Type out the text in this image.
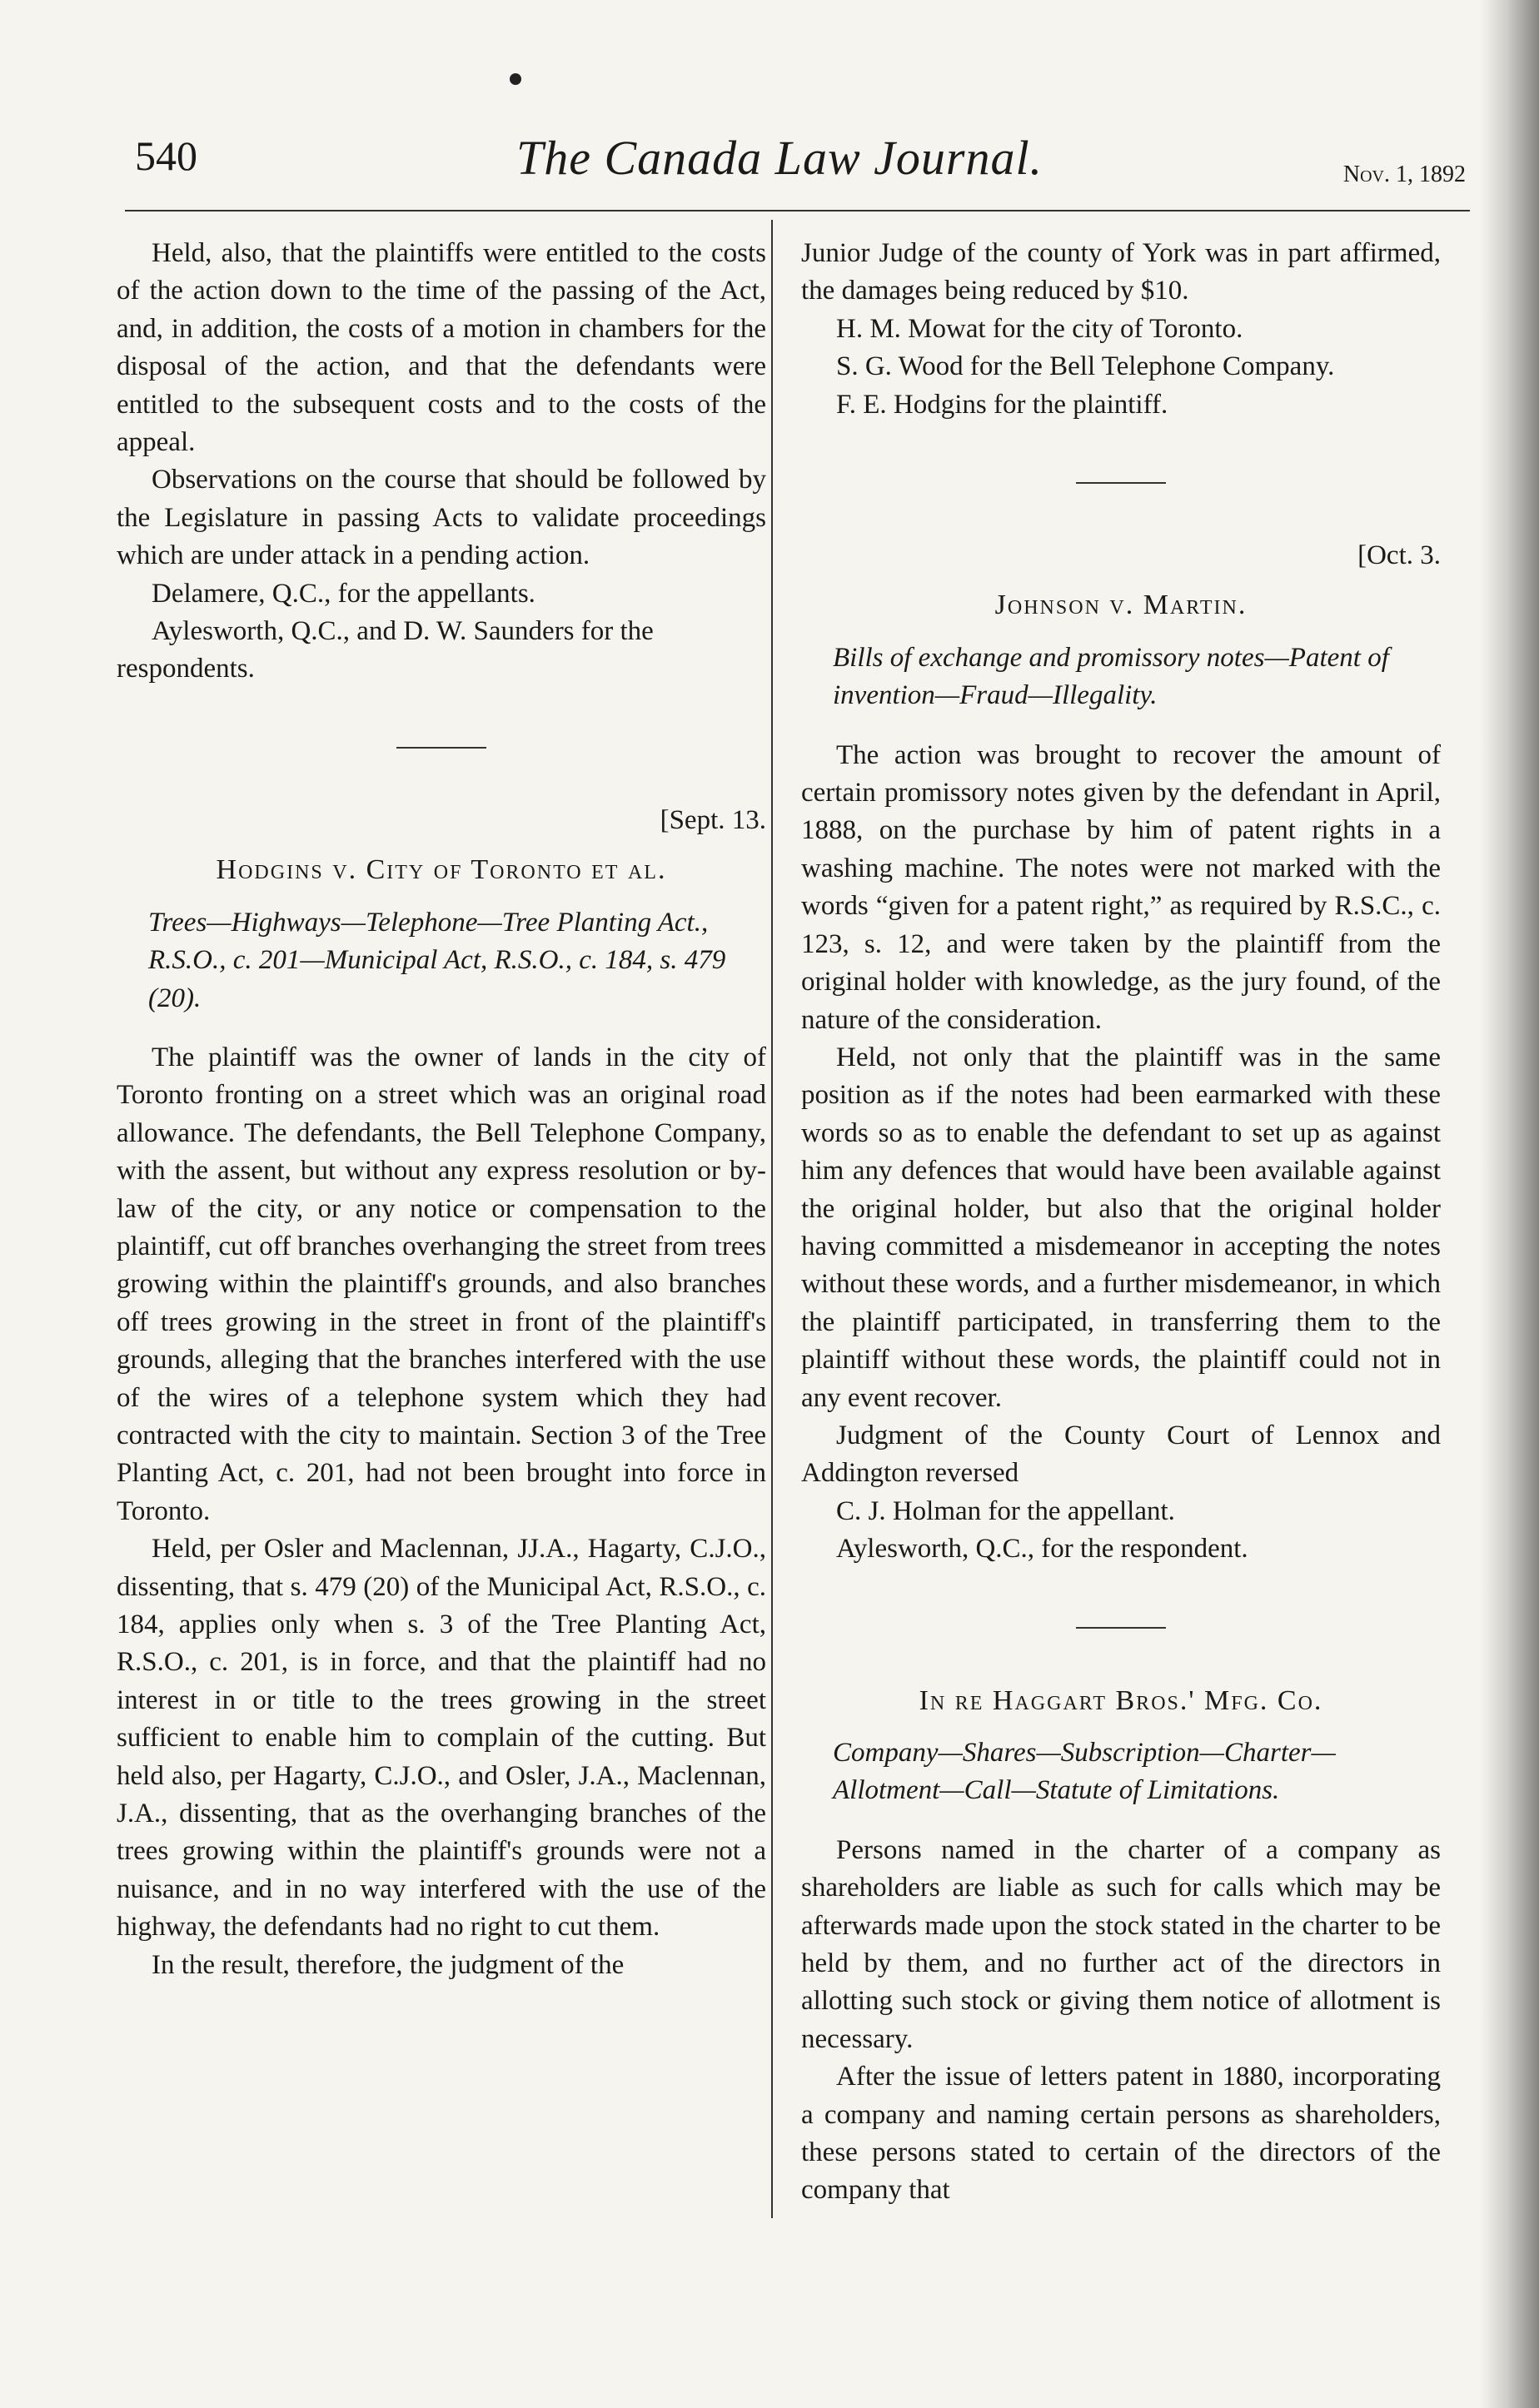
540	The Canada Law Journal.	Nov. 1, 1892

Held, also, that the plaintiffs were entitled to the costs of the action down to the time of the passing of the Act, and, in addition, the costs of a motion in chambers for the disposal of the action, and that the defendants were entitled to the subsequent costs and to the costs of the appeal.

Observations on the course that should be followed by the Legislature in passing Acts to validate proceedings which are under attack in a pending action.

Delamere, Q.C., for the appellants.

Aylesworth, Q.C., and D. W. Saunders for the respondents.

[Sept. 13.
Hodgins v. City of Toronto et al.

Trees—Highways—Telephone—Tree Planting Act., R.S.O., c. 201—Municipal Act, R.S.O., c. 184, s. 479 (20).

The plaintiff was the owner of lands in the city of Toronto fronting on a street which was an original road allowance. The defendants, the Bell Telephone Company, with the assent, but without any express resolution or by-law of the city, or any notice or compensation to the plaintiff, cut off branches overhanging the street from trees growing within the plaintiff's grounds, and also branches off trees growing in the street in front of the plaintiff's grounds, alleging that the branches interfered with the use of the wires of a telephone system which they had contracted with the city to maintain. Section 3 of the Tree Planting Act, c. 201, had not been brought into force in Toronto.

Held, per Osler and Maclennan, JJ.A., Hagarty, C.J.O., dissenting, that s. 479 (20) of the Municipal Act, R.S.O., c. 184, applies only when s. 3 of the Tree Planting Act, R.S.O., c. 201, is in force, and that the plaintiff had no interest in or title to the trees growing in the street sufficient to enable him to complain of the cutting. But held also, per Hagarty, C.J.O., and Osler, J.A., Maclennan, J.A., dissenting, that as the overhanging branches of the trees growing within the plaintiff's grounds were not a nuisance, and in no way interfered with the use of the highway, the defendants had no right to cut them.

In the result, therefore, the judgment of the

Junior Judge of the county of York was in part affirmed, the damages being reduced by $10.

H. M. Mowat for the city of Toronto.

S. G. Wood for the Bell Telephone Company.

F. E. Hodgins for the plaintiff.

[Oct. 3.
Johnson v. Martin.

Bills of exchange and promissory notes—Patent of invention—Fraud—Illegality.

The action was brought to recover the amount of certain promissory notes given by the defendant in April, 1888, on the purchase by him of patent rights in a washing machine. The notes were not marked with the words “given for a patent right,” as required by R.S.C., c. 123, s. 12, and were taken by the plaintiff from the original holder with knowledge, as the jury found, of the nature of the consideration.

Held, not only that the plaintiff was in the same position as if the notes had been earmarked with these words so as to enable the defendant to set up as against him any defences that would have been available against the original holder, but also that the original holder having committed a misdemeanor in accepting the notes without these words, and a further misdemeanor, in which the plaintiff participated, in transferring them to the plaintiff without these words, the plaintiff could not in any event recover.

Judgment of the County Court of Lennox and Addington reversed

C. J. Holman for the appellant.

Aylesworth, Q.C., for the respondent.

In re Haggart Bros.' Mfg. Co.

Company—Shares—Subscription—Charter—Allotment—Call—Statute of Limitations.

Persons named in the charter of a company as shareholders are liable as such for calls which may be afterwards made upon the stock stated in the charter to be held by them, and no further act of the directors in allotting such stock or giving them notice of allotment is necessary.

After the issue of letters patent in 1880, incorporating a company and naming certain persons as shareholders, these persons stated to certain of the directors of the company that
